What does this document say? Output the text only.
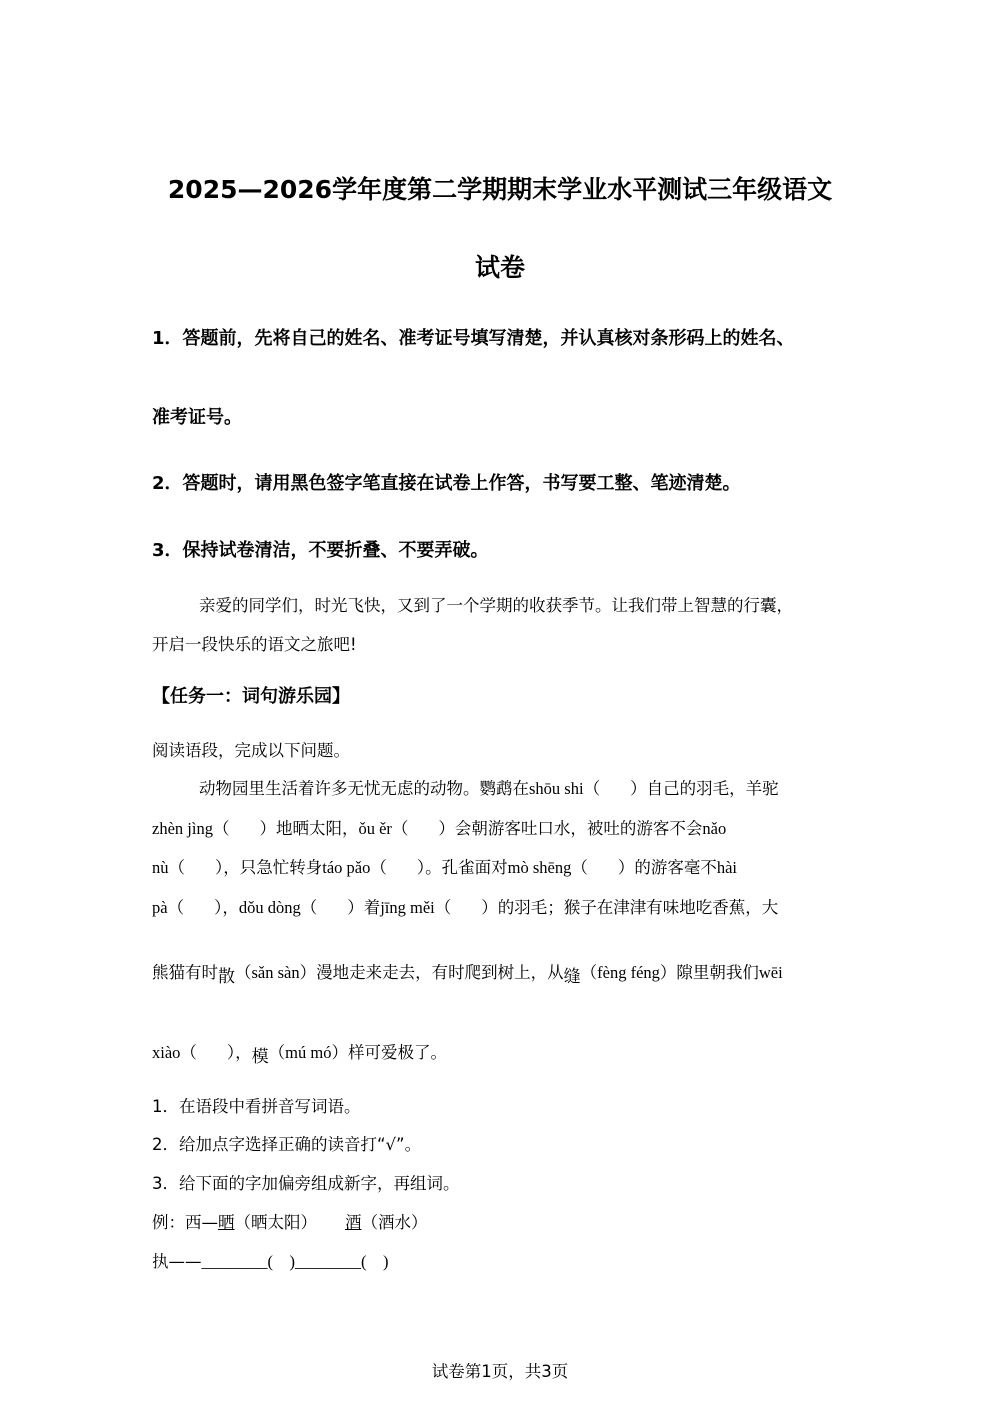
2025—2026学年度第二学期期末学业水平测试三年级语文
试卷
1．答题前，先将自己的姓名、准考证号填写清楚，并认真核对条形码上的姓名、
准考证号。
2．答题时，请用黑色签字笔直接在试卷上作答，书写要工整、笔迹清楚。
3．保持试卷清洁，不要折叠、不要弄破。
亲爱的同学们，时光飞快，又到了一个学期的收获季节。让我们带上智慧的行囊，
开启一段快乐的语文之旅吧!
【任务一：词句游乐园】
阅读语段，完成以下问题。
动物园里生活着许多无忧无虑的动物。鹦鹉在shōu shi（ ）自己的羽毛，羊驼
zhèn jìng（ ）地晒太阳，ǒu ěr（ ）会朝游客吐口水，被吐的游客不会nǎo
nù（ ），只急忙转身táo pǎo（ ）。孔雀面对mò shēng（ ）的游客毫不hài
pà（ ），dǒu dòng（ ）着jīng měi（ ）的羽毛；猴子在津津有味地吃香蕉，大
熊猫有时散（sǎn sàn）漫地走来走去，有时爬到树上，从缝（fèng féng）隙里朝我们wēi
xiào（ ），模（mú mó）样可爱极了。
1．在语段中看拼音写词语。
2．给加点字选择正确的读音打“√”。
3．给下面的字加偏旁组成新字，再组词。
例：西—晒（晒太阳） 酒（酒水）
执——________(　)________(　)
试卷第1页，共3页
